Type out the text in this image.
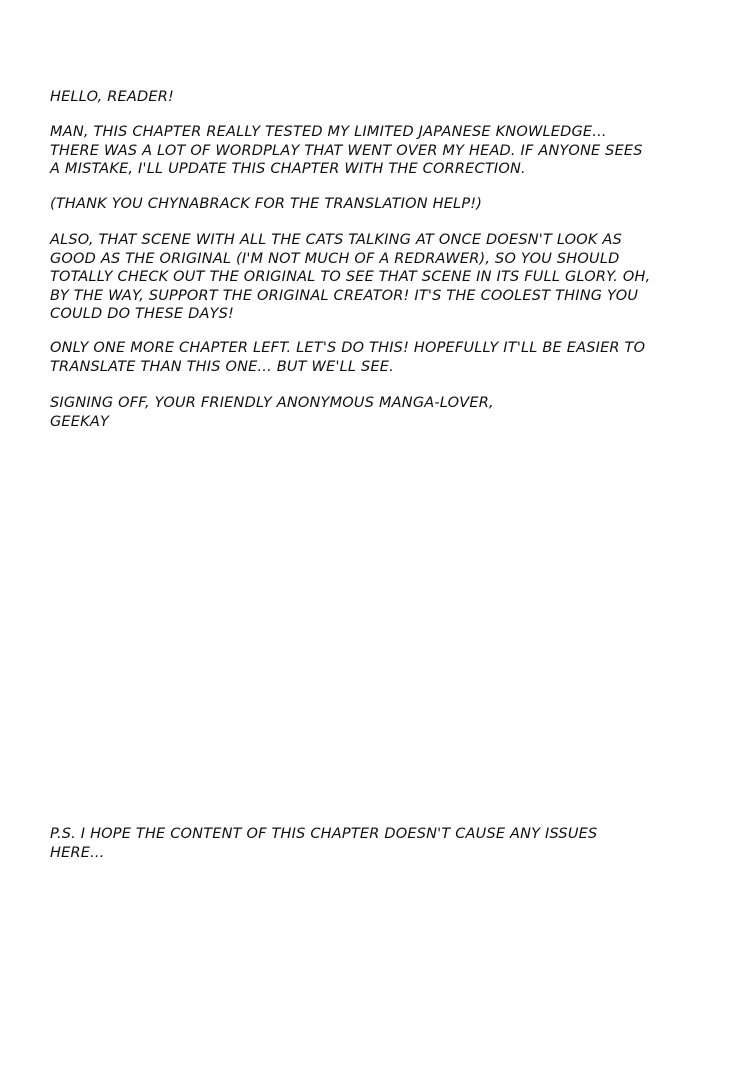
HELLO, READER!

MAN, THIS CHAPTER REALLY TESTED MY LIMITED JAPANESE KNOWLEDGE...
THERE WAS A LOT OF WORDPLAY THAT WENT OVER MY HEAD. IF ANYONE SEES
A MISTAKE, I'LL UPDATE THIS CHAPTER WITH THE CORRECTION.

(THANK YOU CHYNABRACK FOR THE TRANSLATION HELP!)

ALSO, THAT SCENE WITH ALL THE CATS TALKING AT ONCE DOESN'T LOOK AS
GOOD AS THE ORIGINAL (I'M NOT MUCH OF A REDRAWER), SO YOU SHOULD
TOTALLY CHECK OUT THE ORIGINAL TO SEE THAT SCENE IN ITS FULL GLORY. OH,
BY THE WAY, SUPPORT THE ORIGINAL CREATOR! IT'S THE COOLEST THING YOU
COULD DO THESE DAYS!

ONLY ONE MORE CHAPTER LEFT. LET'S DO THIS! HOPEFULLY IT'LL BE EASIER TO
TRANSLATE THAN THIS ONE... BUT WE'LL SEE.

SIGNING OFF, YOUR FRIENDLY ANONYMOUS MANGA-LOVER,

GEEKAY

P.S. I HOPE THE CONTENT OF THIS CHAPTER DOESN'T CAUSE ANY ISSUES
HERE...
